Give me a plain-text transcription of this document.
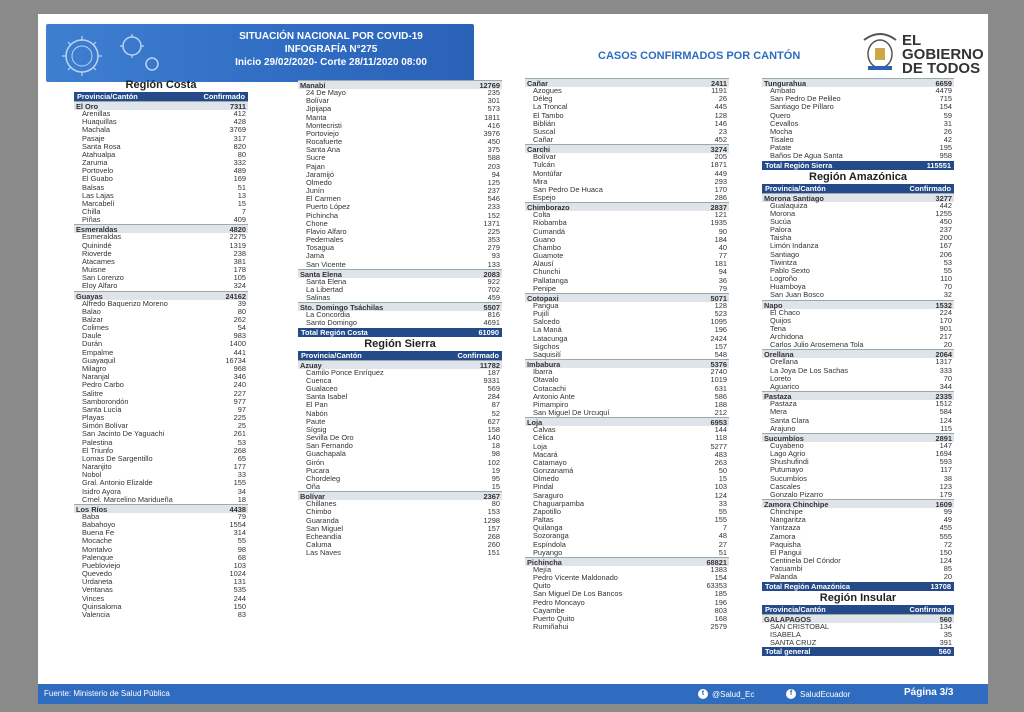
SITUACIÓN NACIONAL POR COVID-19
INFOGRAFÍA N°275
Inicio 29/02/2020- Corte 28/11/2020 08:00
CASOS CONFIRMADOS POR CANTÓN
EL
GOBIERNO
DE TODOS
Región Costa
Provincia/Cantón	Confirmado
El Oro	7311
Arenillas	412
Huaquillas	428
Machala	3769
Pasaje	317
Santa Rosa	820
Atahualpa	80
Zaruma	332
Portovelo	489
El Guabo	169
Balsas	51
Las Lajas	13
Marcabelí	15
Chilla	7
Piñas	409
Esmeraldas	4820
Esmeraldas	2275
Quinindé	1319
Rioverde	238
Atacames	381
Muisne	178
San Lorenzo	105
Eloy Alfaro	324
Guayas	24162
Alfredo Baquerizo Moreno	39
Balao	80
Balzar	262
Colimes	54
Daule	983
Durán	1400
Empalme	441
Guayaquil	16734
Milagro	968
Naranjal	346
Pedro Carbo	240
Salitre	227
Samborondón	977
Santa Lucía	97
Playas	225
Simón Bolívar	25
San Jacinto De Yaguachi	261
Palestina	53
El Triunfo	268
Lomas De Sargentillo	65
Naranjito	177
Nobol	33
Gral. Antonio Elizalde	155
Isidro Ayora	34
Crnel. Marcelino Maridueña	18
Los Ríos	4438
Baba	79
Babahoyo	1554
Buena Fe	314
Mocache	55
Montalvo	98
Palenque	68
Puebloviejo	103
Quevedo	1024
Urdaneta	131
Ventanas	535
Vinces	244
Quinsaloma	150
Valencia	83
Manabí	12769
24 De Mayo	235
Bolívar	301
Jipijapa	573
Manta	1811
Montecristi	416
Portoviejo	3976
Rocafuerte	450
Santa Ana	375
Sucre	588
Pajan	203
Jaramijó	94
Olmedo	125
Junín	237
El Carmen	546
Puerto López	233
Pichincha	152
Chone	1371
Flavio Alfaro	225
Pedernales	353
Tosagua	279
Jama	93
San Vicente	133
Santa Elena	2083
Santa Elena	922
La Libertad	702
Salinas	459
Sto. Domingo Tsáchilas	5507
La Concordia	816
Santo Domingo	4691
Total Región Costa	61090
Región Sierra
Provincia/Cantón	Confirmado
Azuay	11782
Camilo Ponce Enríquez	187
Cuenca	9331
Gualaceo	569
Santa Isabel	284
El Pan	87
Nabón	52
Paute	627
Sígsig	158
Sevilla De Oro	140
San Fernando	18
Guachapala	98
Girón	102
Pucara	19
Chordeleg	95
Oña	15
Bolívar	2367
Chillanes	80
Chimbo	153
Guaranda	1298
San Miguel	157
Echeandía	268
Caluma	260
Las Naves	151
Cañar	2411
Azogues	1191
Déleg	26
La Troncal	445
El Tambo	128
Biblián	146
Suscal	23
Cañar	452
Carchi	3274
Bolívar	205
Tulcán	1871
Montúfar	449
Mira	293
San Pedro De Huaca	170
Espejo	286
Chimborazo	2837
Colta	121
Riobamba	1935
Cumandá	90
Guano	184
Chambo	40
Guamote	77
Alausí	181
Chunchi	94
Pallatanga	36
Penipe	79
Cotopaxi	5071
Pangua	128
Pujilí	523
Salcedo	1095
La Maná	196
Latacunga	2424
Sigchos	157
Saquisilí	548
Imbabura	5376
Ibarra	2740
Otavalo	1019
Cotacachi	631
Antonio Ante	586
Pimampiro	188
San Miguel De Urcuquí	212
Loja	6953
Calvas	144
Célica	118
Loja	5277
Macará	483
Catamayo	263
Gonzanamá	50
Olmedo	15
Pindal	103
Saraguro	124
Chaguarpamba	33
Zapotillo	55
Paltas	155
Quilanga	7
Sozoranga	48
Espíndola	27
Puyango	51
Pichincha	68821
Mejía	1383
Pedro Vicente Maldonado	154
Quito	63353
San Miguel De Los Bancos	185
Pedro Moncayo	196
Cayambe	803
Puerto Quito	168
Rumiñahui	2579
Tungurahua	6659
Ambato	4479
San Pedro De Pelileo	715
Santiago De Píllaro	154
Quero	59
Cevallos	31
Mocha	26
Tisaleo	42
Patate	195
Baños De Agua Santa	958
Total Región Sierra	115551
Región Amazónica
Provincia/Cantón	Confirmado
Morona Santiago	3277
Gualaquiza	442
Morona	1255
Sucúa	450
Palora	237
Taisha	200
Limón Indanza	167
Santiago	206
Tiwintza	53
Pablo Sexto	55
Logroño	110
Huamboya	70
San Juan Bosco	32
Napo	1532
El Chaco	224
Quijos	170
Tena	901
Archidona	217
Carlos Julio Arosemena Tola	20
Orellana	2064
Orellana	1317
La Joya De Los Sachas	333
Loreto	70
Aguarico	344
Pastaza	2335
Pastaza	1512
Mera	584
Santa Clara	124
Arajuno	115
Sucumbíos	2891
Cuyabeno	147
Lago Agrio	1694
Shushufindi	593
Putumayo	117
Sucumbíos	38
Cascales	123
Gonzalo Pizarro	179
Zamora Chinchipe	1609
Chinchipe	99
Nangaritza	49
Yantzaza	455
Zamora	555
Paquisha	72
El Pangui	150
Centinela Del Cóndor	124
Yacuambi	85
Palanda	20
Total Región Amazónica	13708
Región Insular
Provincia/Cantón	Confirmado
GALAPAGOS	560
SAN CRISTOBAL	134
ISABELA	35
SANTA CRUZ	391
Total general	560
Fuente: Ministerio de Salud Pública	t @Salud_Ec	f SaludEcuador	Página 3/3
